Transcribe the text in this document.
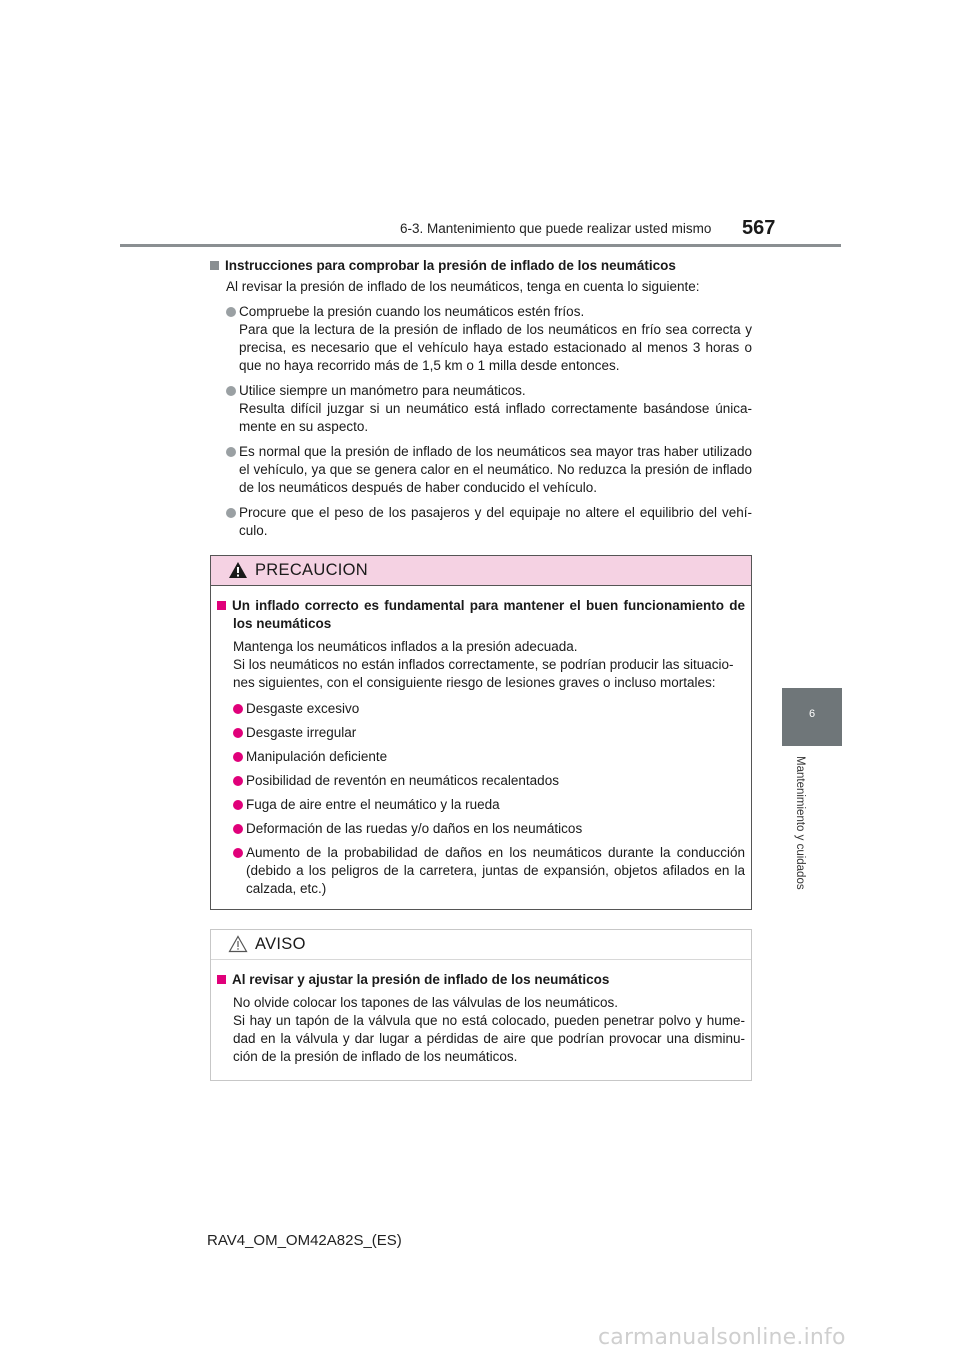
6-3. Mantenimiento que puede realizar usted mismo 567
6
Mantenimiento y cuidados
Instrucciones para comprobar la presión de inflado de los neumáticos
Al revisar la presión de inflado de los neumáticos, tenga en cuenta lo siguiente:
Compruebe la presión cuando los neumáticos estén fríos.
Para que la lectura de la presión de inflado de los neumáticos en frío sea correcta y precisa, es necesario que el vehículo haya estado estacionado al menos 3 horas o que no haya recorrido más de 1,5 km o 1 milla desde entonces.
Utilice siempre un manómetro para neumáticos.
Resulta difícil juzgar si un neumático está inflado correctamente basándose única-mente en su aspecto.
Es normal que la presión de inflado de los neumáticos sea mayor tras haber utilizado el vehículo, ya que se genera calor en el neumático. No reduzca la presión de inflado de los neumáticos después de haber conducido el vehículo.
Procure que el peso de los pasajeros y del equipaje no altere el equilibrio del vehí-culo.
PRECAUCION
Un inflado correcto es fundamental para mantener el buen funcionamiento de los neumáticos
Mantenga los neumáticos inflados a la presión adecuada.
Si los neumáticos no están inflados correctamente, se podrían producir las situacio-nes siguientes, con el consiguiente riesgo de lesiones graves o incluso mortales:
Desgaste excesivo
Desgaste irregular
Manipulación deficiente
Posibilidad de reventón en neumáticos recalentados
Fuga de aire entre el neumático y la rueda
Deformación de las ruedas y/o daños en los neumáticos
Aumento de la probabilidad de daños en los neumáticos durante la conducción (debido a los peligros de la carretera, juntas de expansión, objetos afilados en la calzada, etc.)
AVISO
Al revisar y ajustar la presión de inflado de los neumáticos
No olvide colocar los tapones de las válvulas de los neumáticos.
Si hay un tapón de la válvula que no está colocado, pueden penetrar polvo y hume-dad en la válvula y dar lugar a pérdidas de aire que podrían provocar una disminu-ción de la presión de inflado de los neumáticos.
RAV4_OM_OM42A82S_(ES)
carmanualsonline.info
